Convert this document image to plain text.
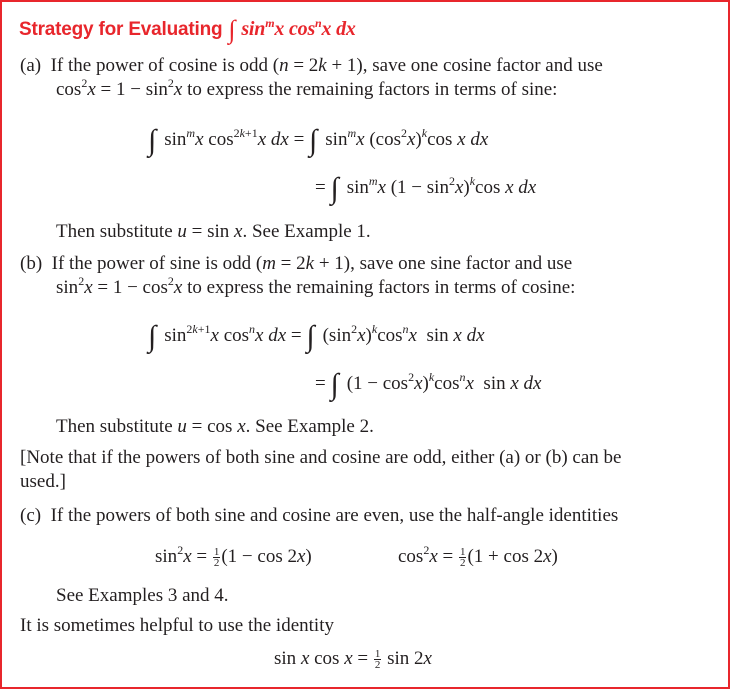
Strategy for Evaluating ∫ $\sin^mx$ $\cos^nx$ dx
(a)  If the power of cosine is odd (n = 2k + 1), save one cosine factor and use
$\cos^2x = 1 - \sin^2x$ to express the remaining factors in terms of sine:
∫ $\sin^mx$ $\cos^{2k+1}x$ dx = ∫ $\sin^mx$ $(\cos^2x)^k\cos$ x dx
= ∫ $\sin^mx$ $(1 - \sin^2x)^k\cos$ x dx
Then substitute u = sin x. See Example 1.
(b)  If the power of sine is odd (m = 2k + 1), save one sine factor and use
$\sin^2x = 1 - \cos^2x$ to express the remaining factors in terms of cosine:
∫ $\sin^{2k+1}x$ $\cos^nx$ dx = ∫ $(\sin^2x)^k\cos^nx$  sin x dx
= ∫ $(1 - \cos^2x)^k\cos^nx$  sin x dx
Then substitute u = cos x. See Example 2.
[Note that if the powers of both sine and cosine are odd, either (a) or (b) can be
used.]
(c)  If the powers of both sine and cosine are even, use the half-angle identities
$\sin^2x = \frac{1}{2} (1 - \cos 2x)$	$\cos^2x = \frac{1}{2} (1 + \cos 2x)$
See Examples 3 and 4.
It is sometimes helpful to use the identity
sin x $\cos x = \frac{1}{2}$ sin 2x
